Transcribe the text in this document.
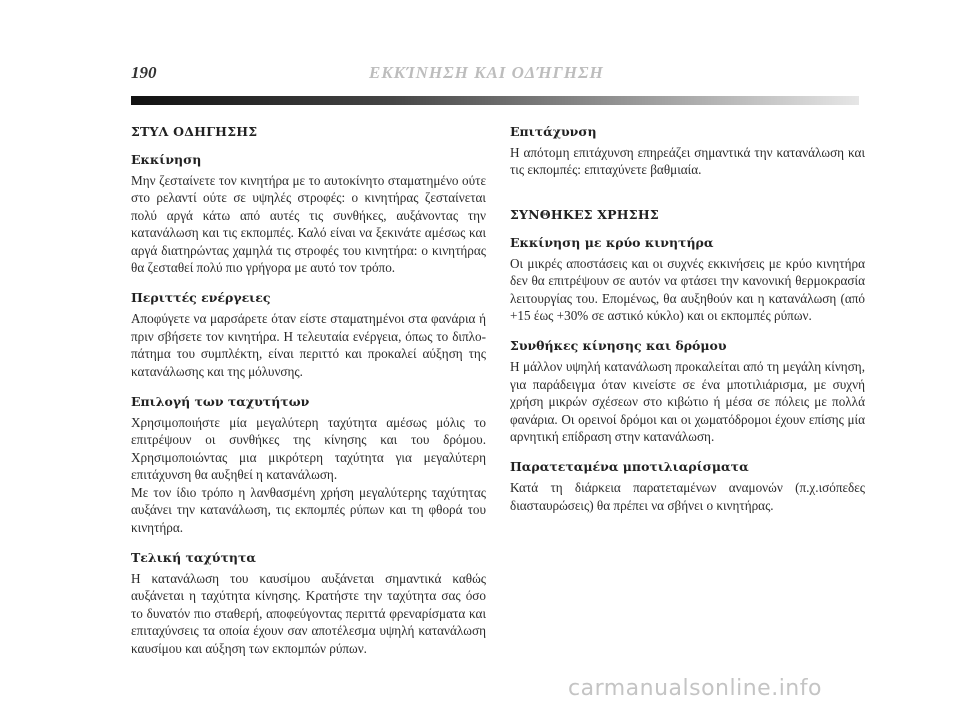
190	ΕΚΚΊΝΗΣΗ ΚΑΙ ΟΔΉΓΗΣΗ
ΣΤΥΛ ΟΔΗΓΗΣΗΣ
Εκκίνηση

Μην ζεσταίνετε τον κινητήρα με το αυτοκίνητο σταματημένο ούτε στο ρελαντί ούτε σε υψηλές στροφές: ο κινητήρας ζεσταίνεται πολύ αργά κάτω από αυτές τις συνθήκες, αυξάνοντας την κατανάλωση και τις εκπομπές. Καλό είναι να ξεκινάτε αμέσως και αργά διατηρώντας χαμηλά τις στροφές του κινητήρα: ο κινητήρας θα ζεσταθεί πολύ πιο γρήγορα με αυτό τον τρόπο.

Περιττές ενέργειες

Αποφύγετε να μαρσάρετε όταν είστε σταματημένοι στα φανάρια ή πριν σβήσετε τον κινητήρα. Η τελευταία ενέργεια, όπως το διπλο-πάτημα του συμπλέκτη, είναι περιττό και προκαλεί αύξηση της κατανάλωσης και της μόλυνσης.

Επιλογή των ταχυτήτων

Χρησιμοποιήστε μία μεγαλύτερη ταχύτητα αμέσως μόλις το επιτρέψουν οι συνθήκες της κίνησης και του δρόμου. Χρησιμοποιώντας μια μικρότερη ταχύτητα για μεγαλύτερη επιτάχυνση θα αυξηθεί η κατανάλωση.

Με τον ίδιο τρόπο η λανθασμένη χρήση μεγαλύτερης ταχύτητας αυξάνει την κατανάλωση, τις εκπομπές ρύπων και τη φθορά του κινητήρα.

Τελική ταχύτητα

Η κατανάλωση του καυσίμου αυξάνεται σημαντικά καθώς αυξάνεται η ταχύτητα κίνησης. Κρατήστε την ταχύτητα σας όσο το δυνατόν πιο σταθερή, αποφεύγοντας περιττά φρεναρίσματα και επιταχύνσεις τα οποία έχουν σαν αποτέλεσμα υψηλή κατανάλωση καυσίμου και αύξηση των εκπομπών ρύπων.

Επιτάχυνση

Η απότομη επιτάχυνση επηρεάζει σημαντικά την κατανάλωση και τις εκπομπές: επιταχύνετε βαθμιαία.

ΣΥΝΘΗΚΕΣ ΧΡΗΣΗΣ
Εκκίνηση με κρύο κινητήρα

Οι μικρές αποστάσεις και οι συχνές εκκινήσεις με κρύο κινητήρα δεν θα επιτρέψουν σε αυτόν να φτάσει την κανονική θερμοκρασία λειτουργίας του. Επομένως, θα αυξηθούν και η κατανάλωση (από +15 έως +30% σε αστικό κύκλο) και οι εκπομπές ρύπων.

Συνθήκες κίνησης και δρόμου

Η μάλλον υψηλή κατανάλωση προκαλείται από τη μεγάλη κίνηση, για παράδειγμα όταν κινείστε σε ένα μποτιλιάρισμα, με συχνή χρήση μικρών σχέσεων στο κιβώτιο ή μέσα σε πόλεις με πολλά φανάρια. Οι ορεινοί δρόμοι και οι χωματόδρομοι έχουν επίσης μία αρνητική επίδραση στην κατανάλωση.

Παρατεταμένα μποτιλιαρίσματα

Κατά τη διάρκεια παρατεταμένων αναμονών (π.χ.ισόπεδες διασταυρώσεις) θα πρέπει να σβήνει ο κινητήρας.

carmanualsonline.info
